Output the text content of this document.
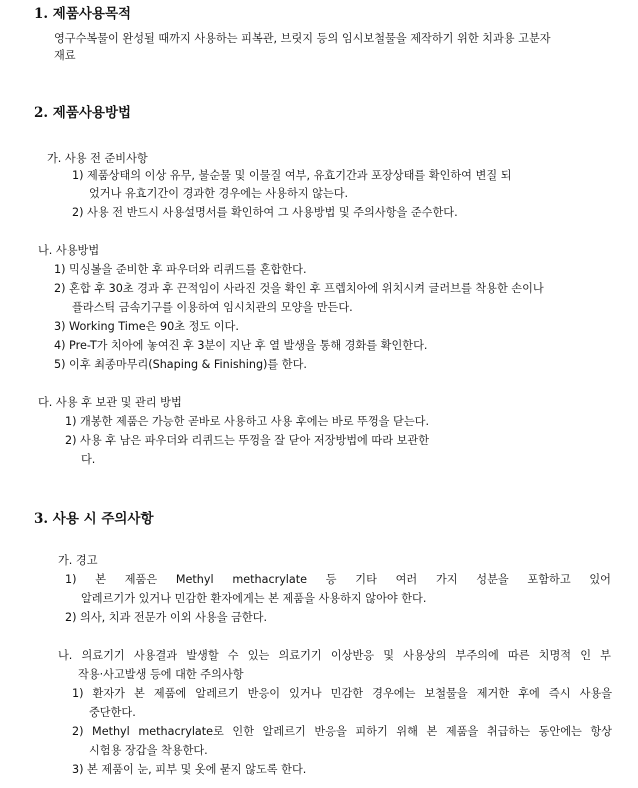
1. 제품사용목적
영구수복물이 완성될 때까지 사용하는 피복관, 브릿지 등의 임시보철물을 제작하기 위한 치과용 고분자
재료
2. 제품사용방법
가. 사용 전 준비사항
1) 제품상태의 이상 유무, 불순물 및 이물질 여부, 유효기간과 포장상태를 확인하여 변질 되
었거나 유효기간이 경과한 경우에는 사용하지 않는다.
2) 사용 전 반드시 사용설명서를 확인하여 그 사용방법 및 주의사항을 준수한다.
나. 사용방법
1) 믹싱볼을 준비한 후 파우더와 리퀴드를 혼합한다.
2) 혼합 후 30초 경과 후 끈적임이 사라진 것을 확인 후 프렙치아에 위치시켜 글러브를 착용한 손이나
플라스틱 금속기구를 이용하여 임시치관의 모양을 만든다.
3) Working Time은 90초 정도 이다.
4) Pre-T가 치아에 놓여진 후 3분이 지난 후 열 발생을 통해 경화를 확인한다.
5) 이후 최종마무리(Shaping & Finishing)를 한다.
다. 사용 후 보관 및 관리 방법
1) 개봉한 제품은 가능한 곧바로 사용하고 사용 후에는 바로 뚜껑을 닫는다.
2) 사용 후 남은 파우더와 리퀴드는 뚜껑을 잘 닫아 저장방법에 따라 보관한
다.
3. 사용 시 주의사항
가. 경고
1) 본 제품은 Methyl methacrylate 등 기타 여러 가지 성분을 포함하고 있어
알레르기가 있거나 민감한 환자에게는 본 제품을 사용하지 않아야 한다.
2) 의사, 치과 전문가 이외 사용을 금한다.
나. 의료기기 사용결과 발생할 수 있는 의료기기 이상반응 및 사용상의 부주의에 따른 치명적 인 부
작용·사고발생 등에 대한 주의사항
1) 환자가 본 제품에 알레르기 반응이 있거나 민감한 경우에는 보철물을 제거한 후에 즉시 사용을
중단한다.
2) Methyl methacrylate로 인한 알레르기 반응을 피하기 위해 본 제품을 취급하는 동안에는 항상
시험용 장갑을 착용한다.
3) 본 제품이 눈, 피부 및 옷에 묻지 않도록 한다.
